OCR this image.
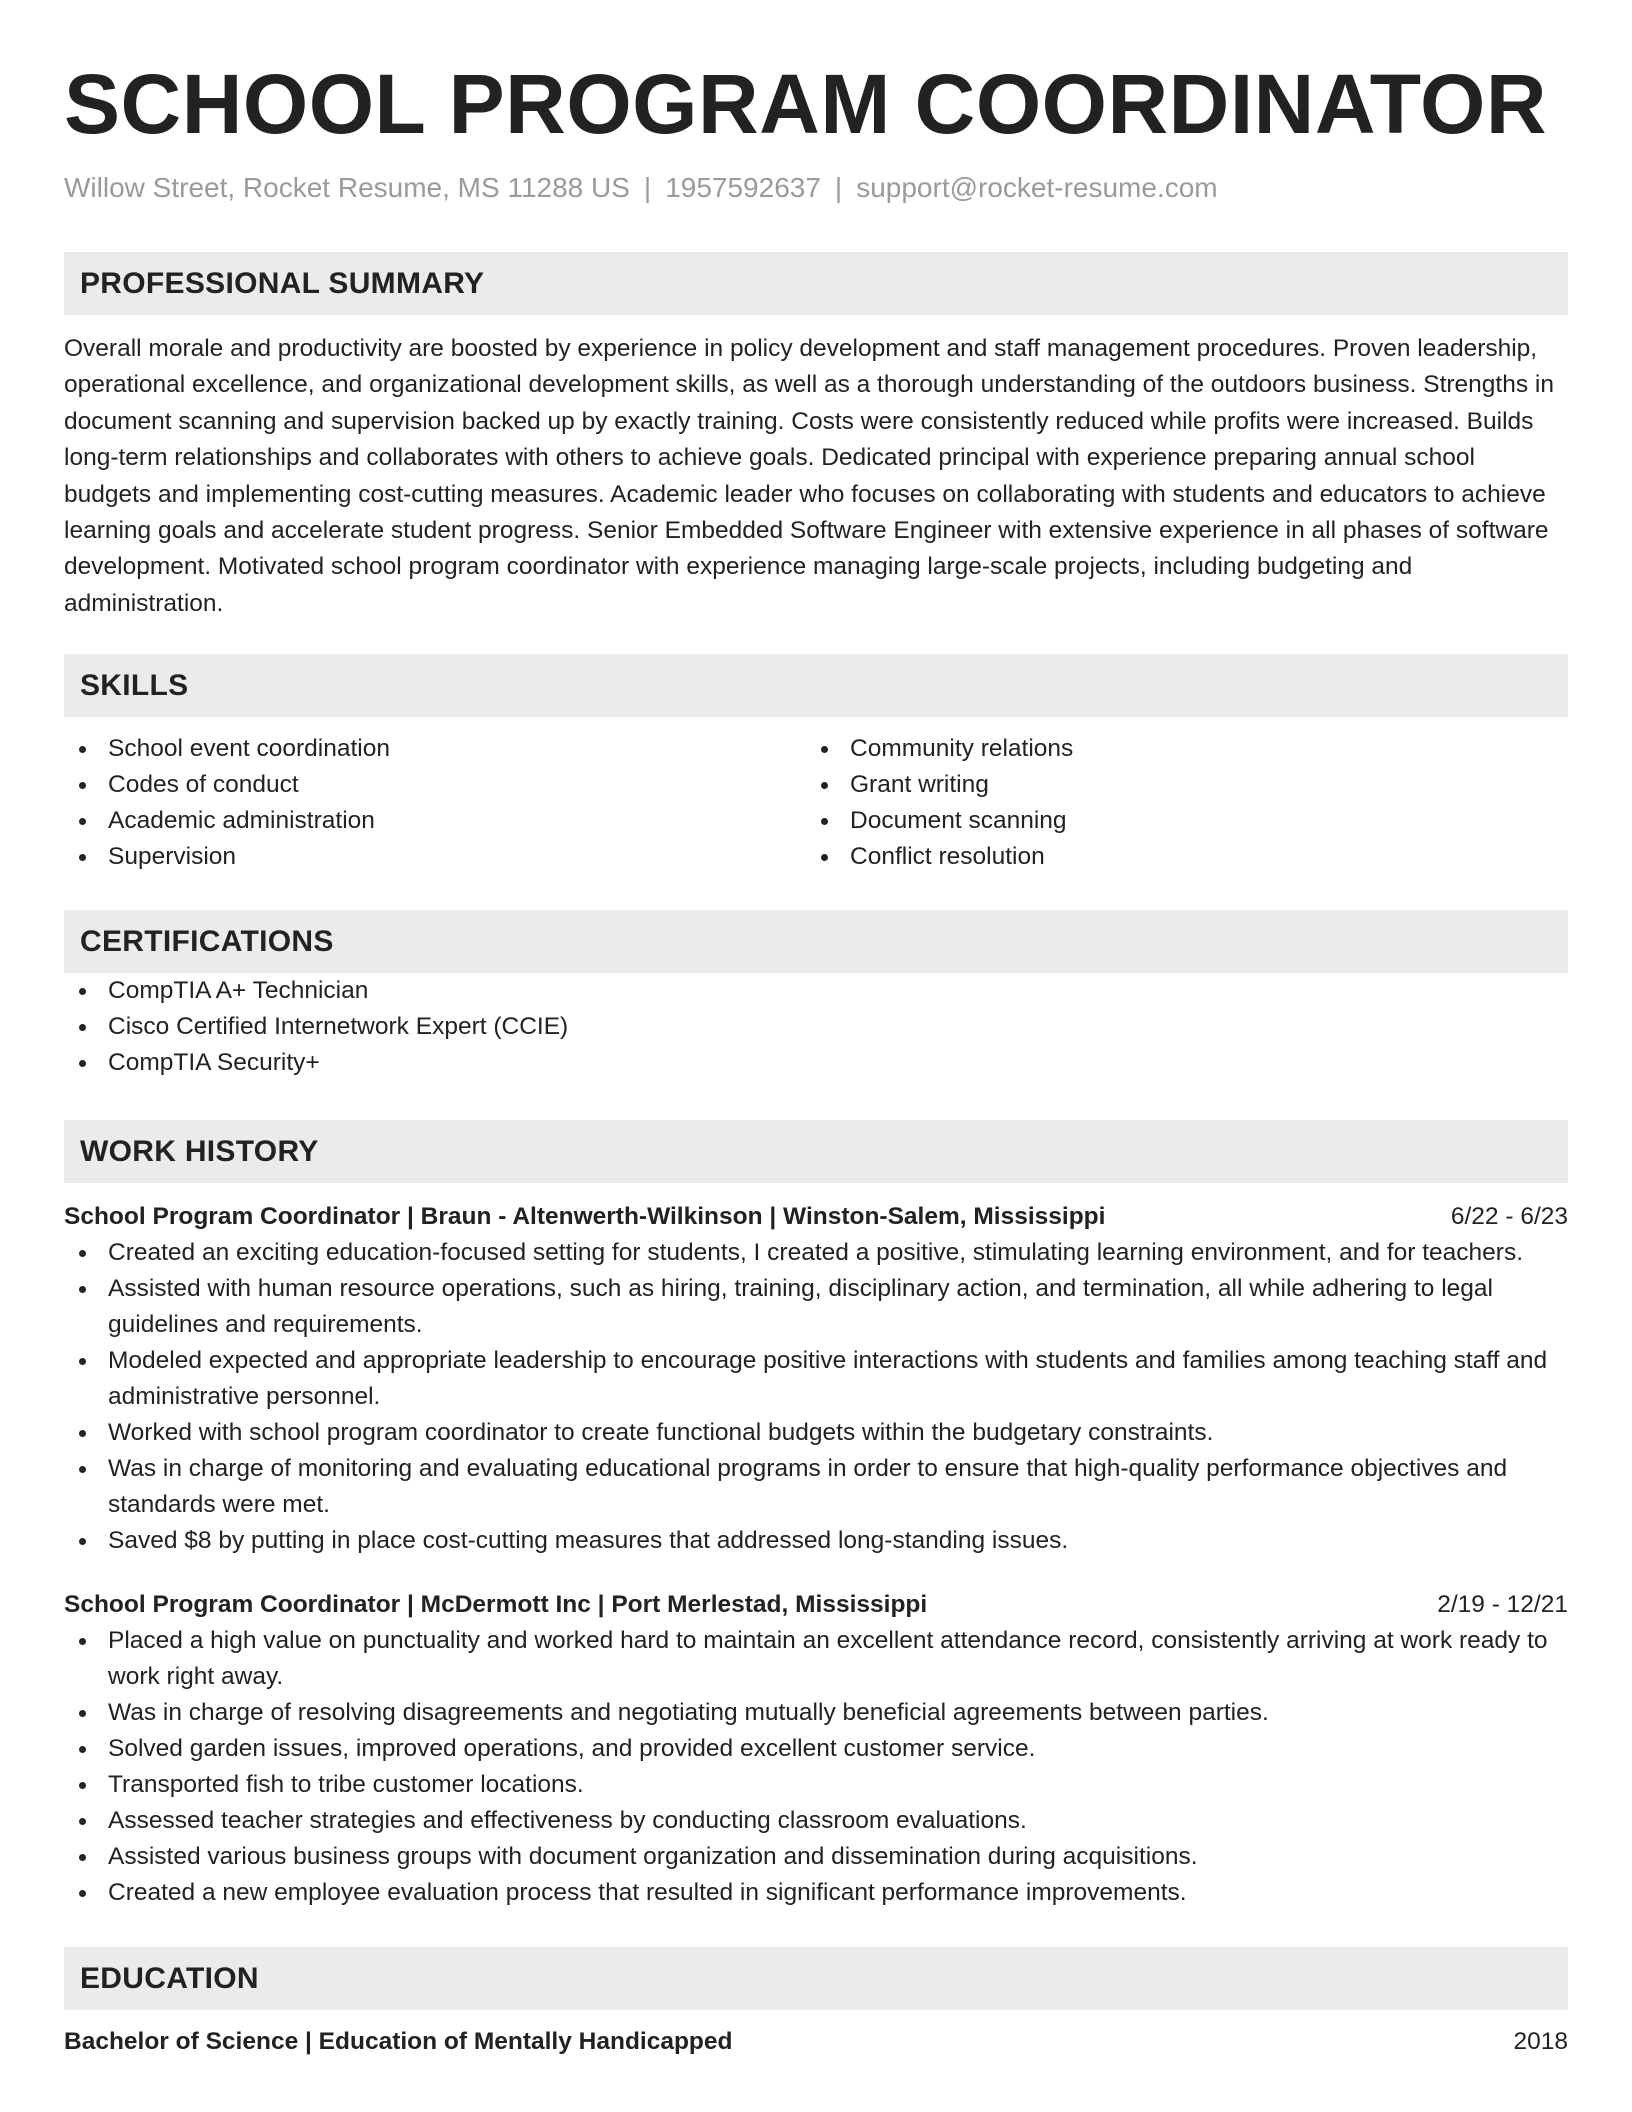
SCHOOL PROGRAM COORDINATOR
Willow Street, Rocket Resume, MS 11288 US | 1957592637 | support@rocket-resume.com
PROFESSIONAL SUMMARY

Overall morale and productivity are boosted by experience in policy development and staff management procedures. Proven leadership, operational excellence, and organizational development skills, as well as a thorough understanding of the outdoors business. Strengths in document scanning and supervision backed up by exactly training. Costs were consistently reduced while profits were increased. Builds long-term relationships and collaborates with others to achieve goals. Dedicated principal with experience preparing annual school budgets and implementing cost-cutting measures. Academic leader who focuses on collaborating with students and educators to achieve learning goals and accelerate student progress. Senior Embedded Software Engineer with extensive experience in all phases of software development. Motivated school program coordinator with experience managing large-scale projects, including budgeting and administration.

SKILLS
School event coordination
Codes of conduct
Academic administration
Supervision
Community relations
Grant writing
Document scanning
Conflict resolution
CERTIFICATIONS
CompTIA A+ Technician
Cisco Certified Internetwork Expert (CCIE)
CompTIA Security+
WORK HISTORY
School Program Coordinator | Braun - Altenwerth-Wilkinson | Winston-Salem, Mississippi	6/22 - 6/23
Created an exciting education-focused setting for students, I created a positive, stimulating learning environment, and for teachers.
Assisted with human resource operations, such as hiring, training, disciplinary action, and termination, all while adhering to legal guidelines and requirements.
Modeled expected and appropriate leadership to encourage positive interactions with students and families among teaching staff and administrative personnel.
Worked with school program coordinator to create functional budgets within the budgetary constraints.
Was in charge of monitoring and evaluating educational programs in order to ensure that high-quality performance objectives and standards were met.
Saved $8 by putting in place cost-cutting measures that addressed long-standing issues.
School Program Coordinator | McDermott Inc | Port Merlestad, Mississippi	2/19 - 12/21
Placed a high value on punctuality and worked hard to maintain an excellent attendance record, consistently arriving at work ready to work right away.
Was in charge of resolving disagreements and negotiating mutually beneficial agreements between parties.
Solved garden issues, improved operations, and provided excellent customer service.
Transported fish to tribe customer locations.
Assessed teacher strategies and effectiveness by conducting classroom evaluations.
Assisted various business groups with document organization and dissemination during acquisitions.
Created a new employee evaluation process that resulted in significant performance improvements.
EDUCATION
Bachelor of Science | Education of Mentally Handicapped	2018
